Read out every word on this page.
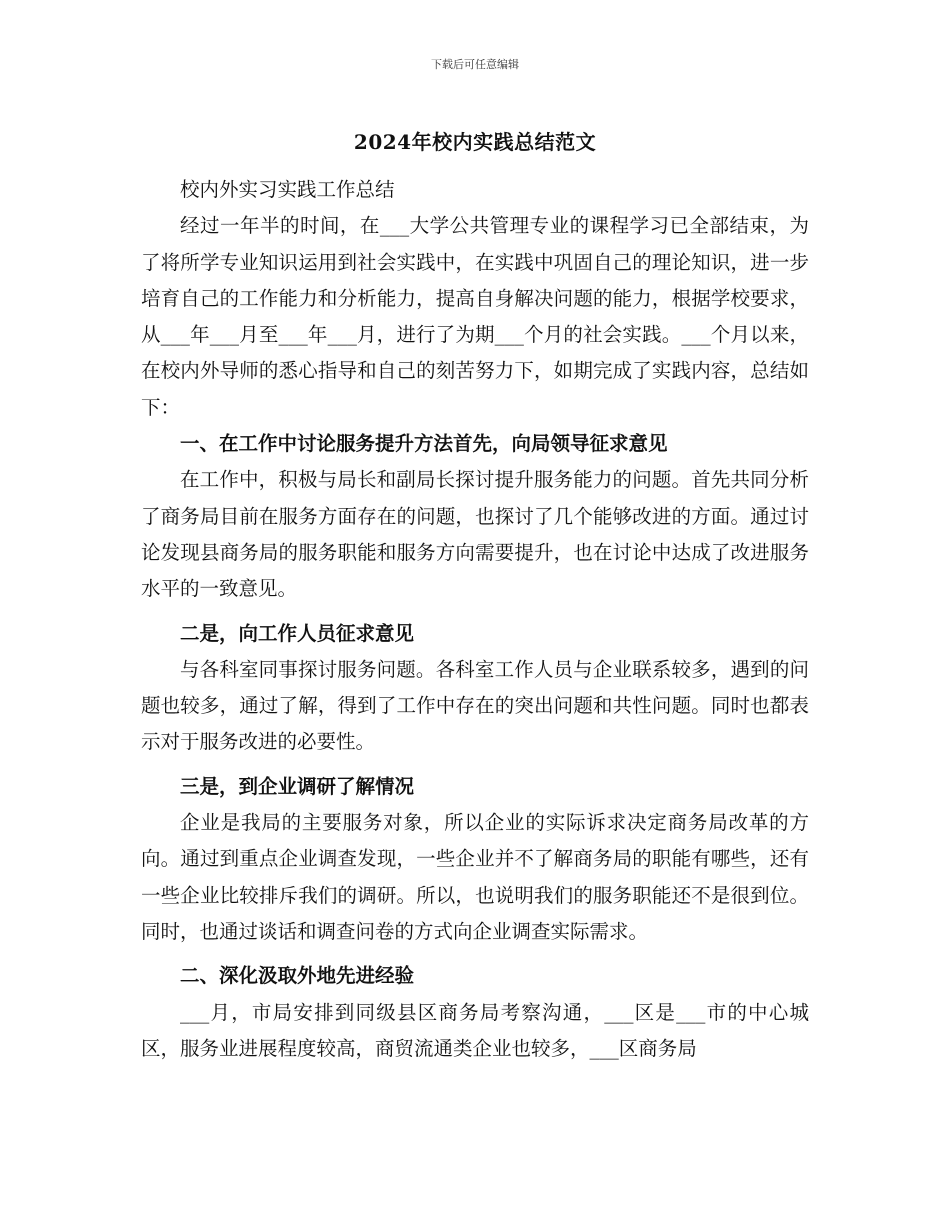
下载后可任意编辑
2024年校内实践总结范文
校内外实习实践工作总结
经过一年半的时间，在___大学公共管理专业的课程学习已全部结束，为了将所学专业知识运用到社会实践中，在实践中巩固自己的理论知识，进一步培育自己的工作能力和分析能力，提高自身解决问题的能力，根据学校要求，从___年___月至___年___月，进行了为期___个月的社会实践。___个月以来，在校内外导师的悉心指导和自己的刻苦努力下，如期完成了实践内容，总结如下：
一、在工作中讨论服务提升方法首先，向局领导征求意见
在工作中，积极与局长和副局长探讨提升服务能力的问题。首先共同分析了商务局目前在服务方面存在的问题，也探讨了几个能够改进的方面。通过讨论发现县商务局的服务职能和服务方向需要提升，也在讨论中达成了改进服务水平的一致意见。
二是，向工作人员征求意见
与各科室同事探讨服务问题。各科室工作人员与企业联系较多，遇到的问题也较多，通过了解，得到了工作中存在的突出问题和共性问题。同时也都表示对于服务改进的必要性。
三是，到企业调研了解情况
企业是我局的主要服务对象，所以企业的实际诉求决定商务局改革的方向。通过到重点企业调查发现，一些企业并不了解商务局的职能有哪些，还有一些企业比较排斥我们的调研。所以，也说明我们的服务职能还不是很到位。同时，也通过谈话和调查问卷的方式向企业调查实际需求。
二、深化汲取外地先进经验
___月，市局安排到同级县区商务局考察沟通，___区是___市的中心城区，服务业进展程度较高，商贸流通类企业也较多，___区商务局
